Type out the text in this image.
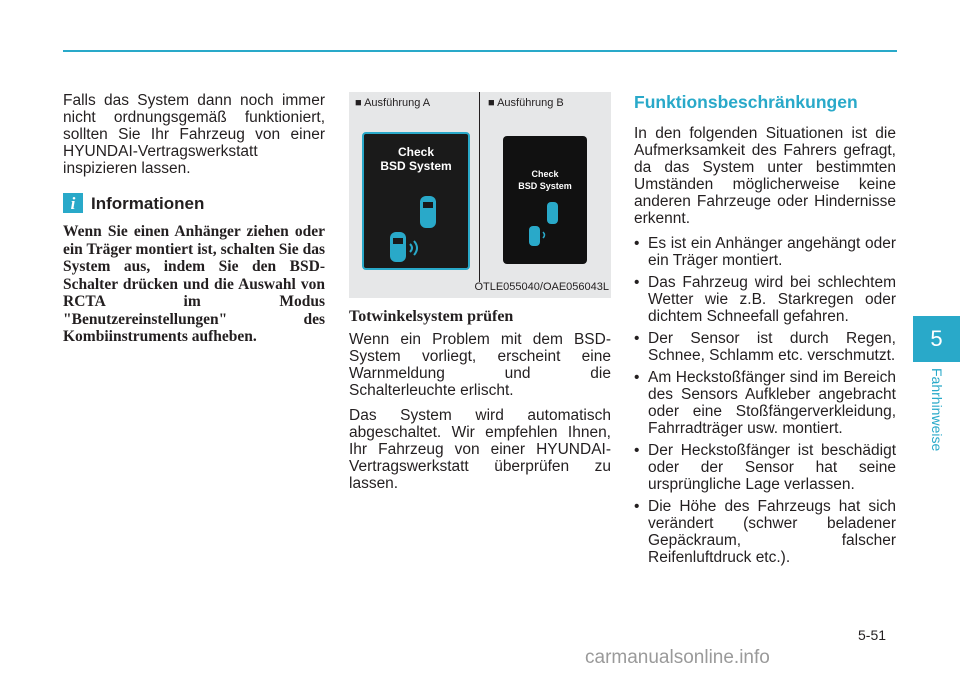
5
Fahrhinweise

Falls das System dann noch immer nicht ordnungsgemäß funktioniert, sollten Sie Ihr Fahrzeug von einer HYUNDAI-Vertragswerkstatt inspizieren lassen.

i Informationen

Wenn Sie einen Anhänger ziehen oder ein Träger montiert ist, schalten Sie das System aus, indem Sie den BSD-Schalter drücken und die Auswahl von RCTA im Modus "Benutzereinstellungen" des Kombiinstruments aufheben.

■ Ausführung A	■ Ausführung B
Check
BSD System
Check
BSD System
OTLE055040/OAE056043L
Totwinkelsystem prüfen

Wenn ein Problem mit dem BSD-System vorliegt, erscheint eine Warnmeldung und die Schalterleuchte erlischt.

Das System wird automatisch abgeschaltet. Wir empfehlen Ihnen, Ihr Fahrzeug von einer HYUNDAI-Vertragswerkstatt überprüfen zu lassen.

Funktionsbeschränkungen

In den folgenden Situationen ist die Aufmerksamkeit des Fahrers gefragt, da das System unter bestimmten Umständen möglicherweise keine anderen Fahrzeuge oder Hindernisse erkennt.

• Es ist ein Anhänger angehängt oder ein Träger montiert.
• Das Fahrzeug wird bei schlechtem Wetter wie z.B. Starkregen oder dichtem Schneefall gefahren.
• Der Sensor ist durch Regen, Schnee, Schlamm etc. verschmutzt.
• Am Heckstoßfänger sind im Bereich des Sensors Aufkleber angebracht oder eine Stoßfängerverkleidung, Fahrradträger usw. montiert.
• Der Heckstoßfänger ist beschädigt oder der Sensor hat seine ursprüngliche Lage verlassen.
• Die Höhe des Fahrzeugs hat sich verändert (schwer beladener Gepäckraum, falscher Reifenluftdruck etc.).
5-51
carmanualsonline.info
